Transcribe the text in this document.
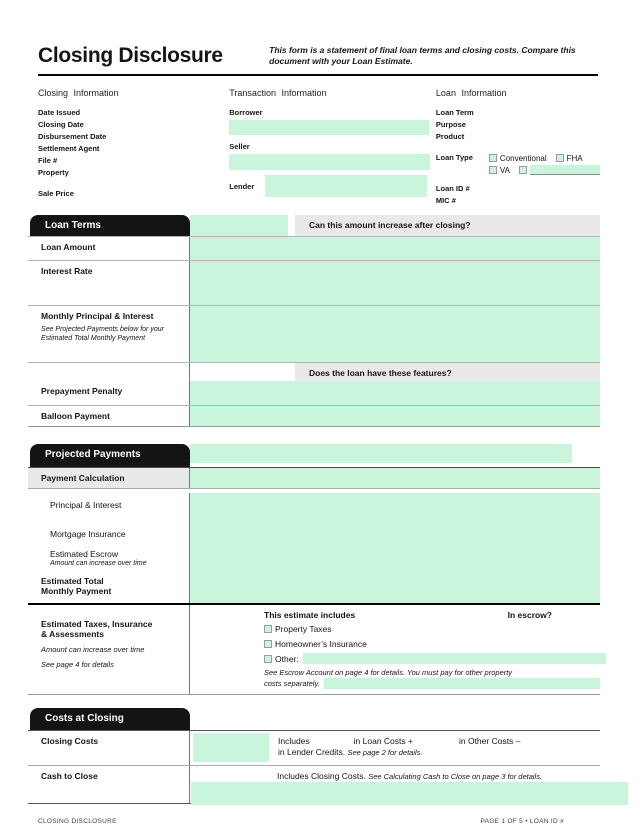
Closing Disclosure	This form is a statement of final loan terms and closing costs. Compare this document with your Loan Estimate.
Closing Information
Date Issued
Closing Date
Disbursement Date
Settlement Agent
File #
Property
Sale Price
Transaction Information
Borrower
Seller
Lender
Loan Information
Loan Term
Purpose
Product
Loan Type	Conventional	FHA
VA
Loan ID #
MIC #
Loan Terms	Can this amount increase after closing?
Loan Amount
Interest Rate
Monthly Principal & Interest
See Projected Payments below for your
Estimated Total Monthly Payment
Does the loan have these features?
Prepayment Penalty
Balloon Payment
Projected Payments
Payment Calculation
Principal & Interest
Mortgage Insurance
Estimated Escrow
Amount can increase over time
Estimated Total
Monthly Payment
Estimated Taxes, Insurance
& Assessments
Amount can increase over time
See page 4 for details
This estimate includes	In escrow?
Property Taxes
Homeowner’s Insurance
Other:
See Escrow Account on page 4 for details. You must pay for other property
costs separately.
Costs at Closing
Closing Costs	Includes	in Loan Costs +	in Other Costs –
in Lender Credits. See page 2 for details.
Cash to Close	Includes Closing Costs. See Calculating Cash to Close on page 3 for details.
CLOSING DISCLOSURE	PAGE 1 OF 5 • LOAN ID #
